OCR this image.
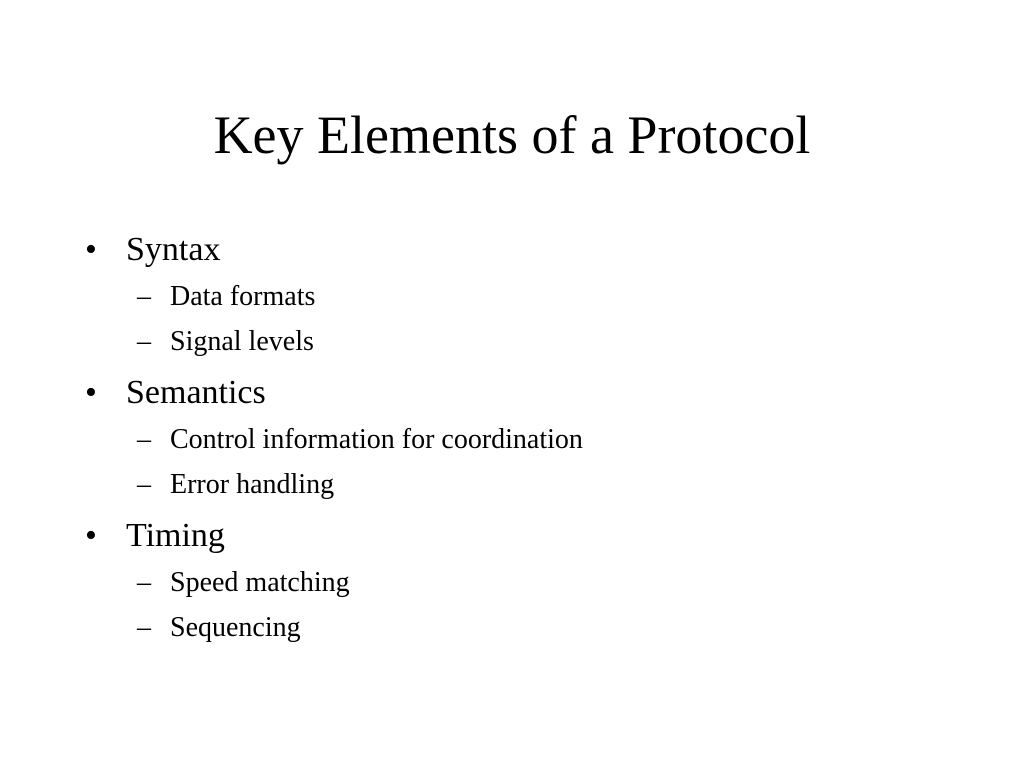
Key Elements of a Protocol
• Syntax
– Data formats
– Signal levels
• Semantics
– Control information for coordination
– Error handling
• Timing
– Speed matching
– Sequencing
